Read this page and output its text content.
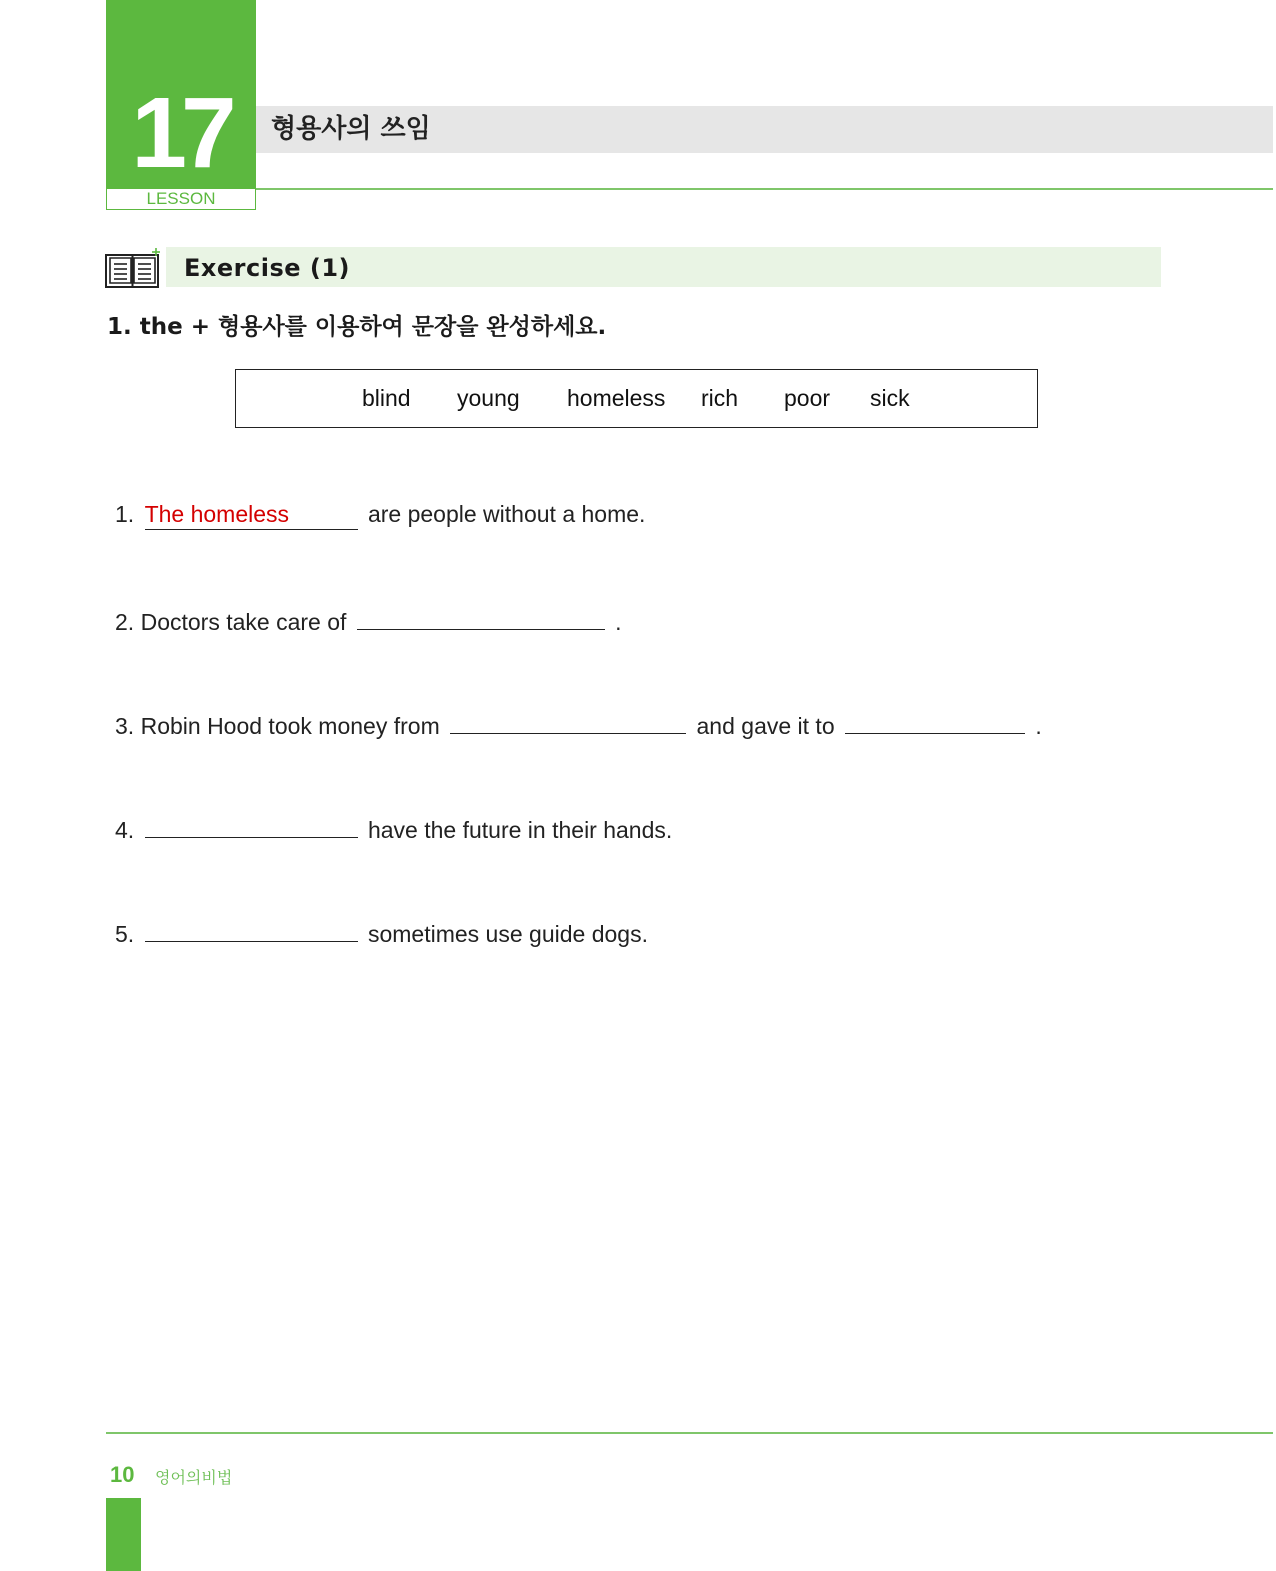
17
LESSON
형용사의 쓰임
Exercise (1)
1. the + 형용사를 이용하여 문장을 완성하세요.
blind young homeless rich poor sick
1. The homeless	are people without a home.
2. Doctors take care of	.
3. Robin Hood took money from	and gave it to	.
4.	have the future in their hands.
5.	sometimes use guide dogs.
10 영어의비법
